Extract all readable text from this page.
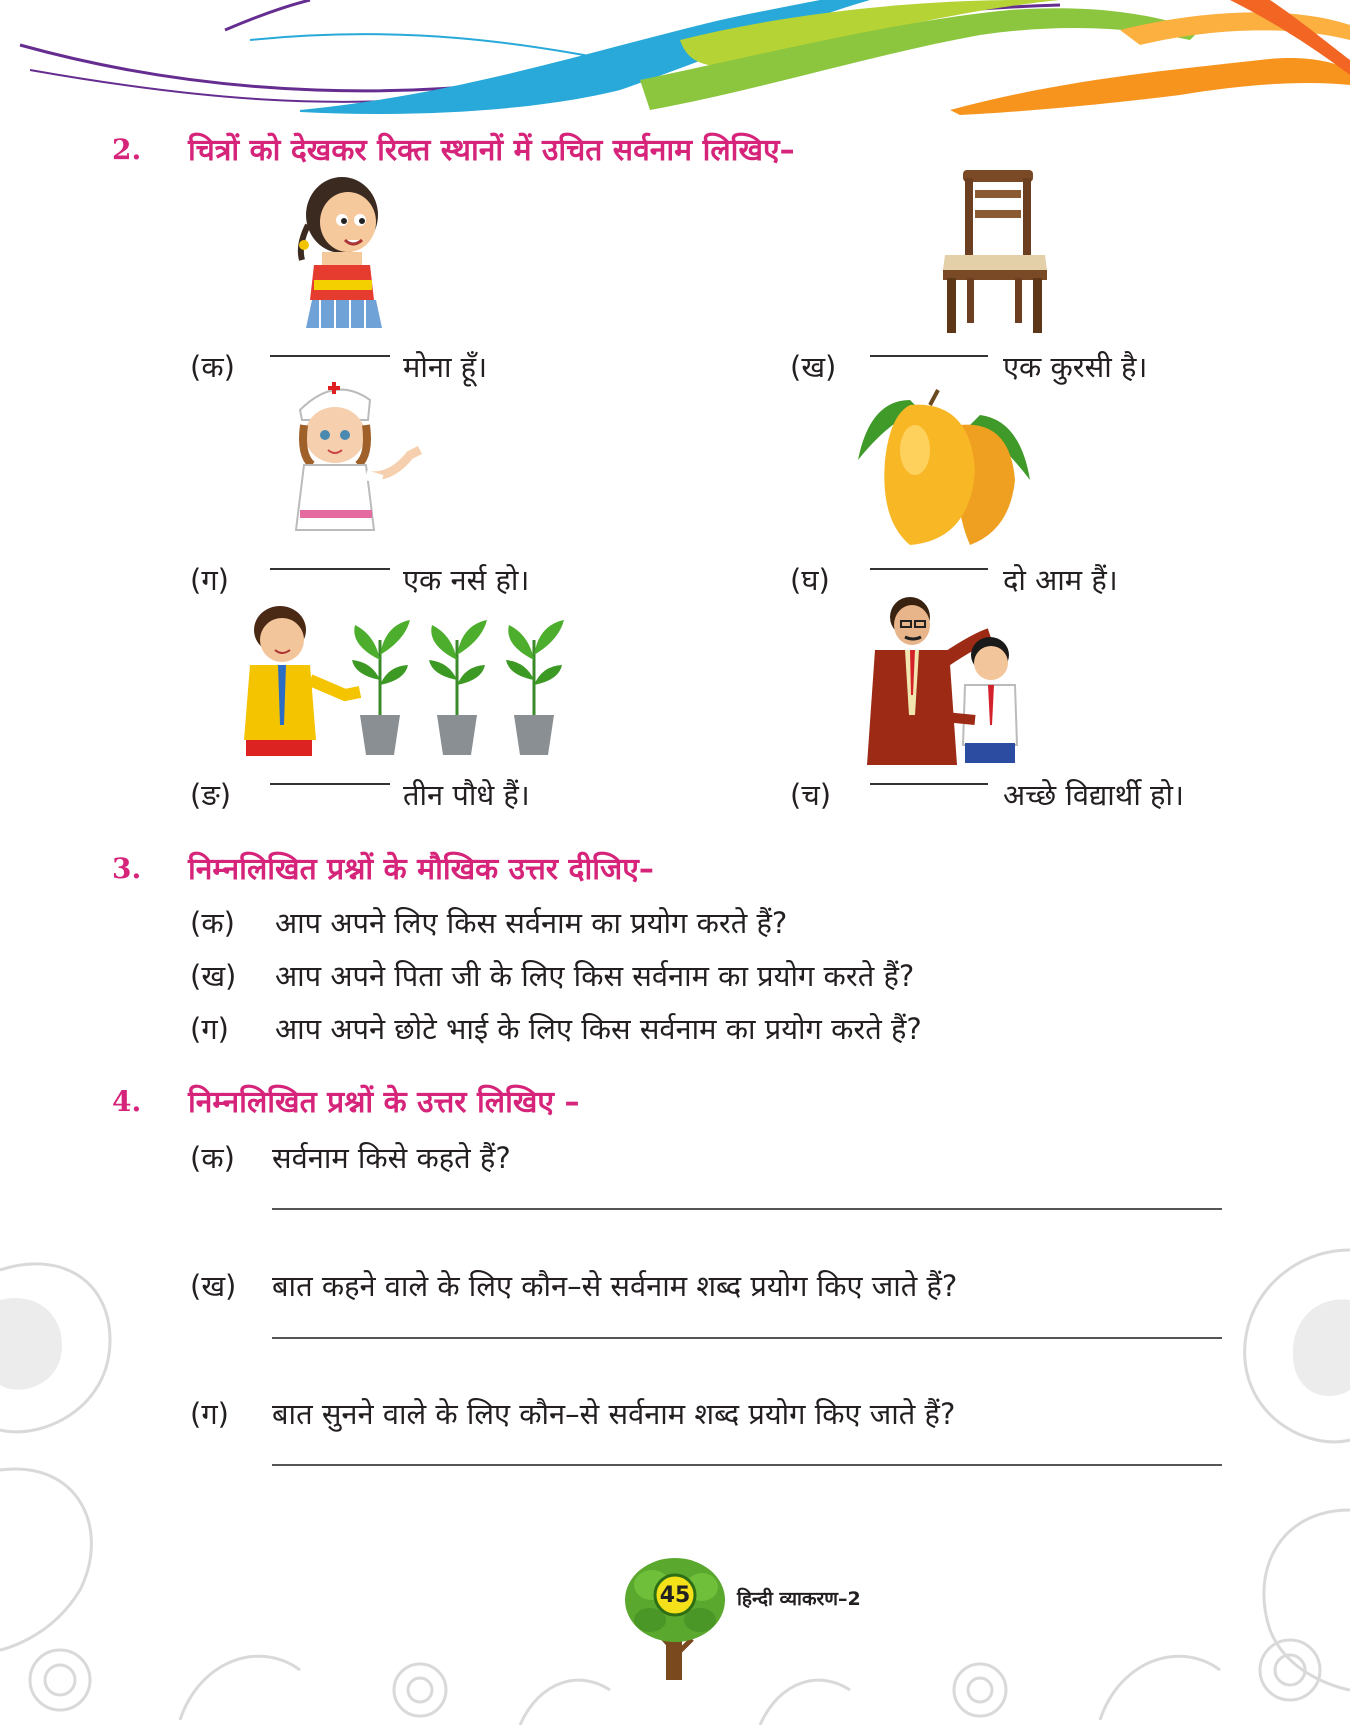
2. चित्रों को देखकर रिक्त स्थानों में उचित सर्वनाम लिखिए–
(क)	मोना हूँ।	(ख)	एक कुरसी है।
(ग)	एक नर्स हो।	(घ)	दो आम हैं।
(ङ)	तीन पौधे हैं।	(च)	अच्छे विद्यार्थी हो।
3. निम्नलिखित प्रश्नों के मौखिक उत्तर दीजिए–
(क) आप अपने लिए किस सर्वनाम का प्रयोग करते हैं?
(ख) आप अपने पिता जी के लिए किस सर्वनाम का प्रयोग करते हैं?
(ग) आप अपने छोटे भाई के लिए किस सर्वनाम का प्रयोग करते हैं?
4. निम्नलिखित प्रश्नों के उत्तर लिखिए –
(क) सर्वनाम किसे कहते हैं?
(ख) बात कहने वाले के लिए कौन–से सर्वनाम शब्द प्रयोग किए जाते हैं?
(ग) बात सुनने वाले के लिए कौन–से सर्वनाम शब्द प्रयोग किए जाते हैं?
45 हिन्दी व्याकरण–2
